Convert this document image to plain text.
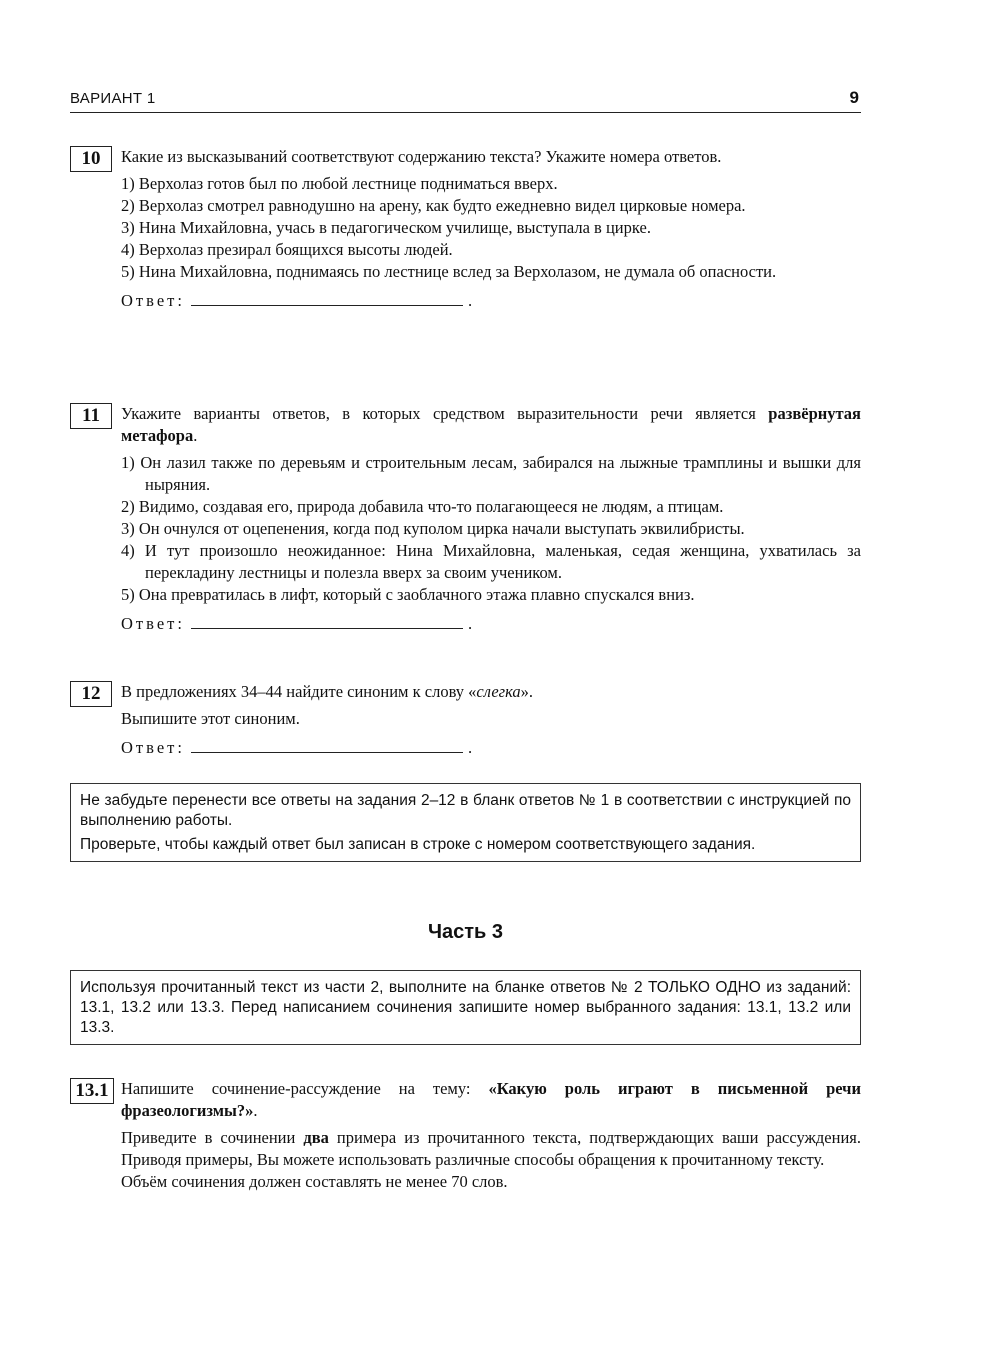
ВАРИАНТ 1	9
10	Какие из высказываний соответствуют содержанию текста? Укажите номера ответов.

1) Верхолаз готов был по любой лестнице подниматься вверх.
2) Верхолаз смотрел равнодушно на арену, как будто ежедневно видел цирковые номера.
3) Нина Михайловна, учась в педагогическом училище, выступала в цирке.
4) Верхолаз презирал боящихся высоты людей.
5) Нина Михайловна, поднимаясь по лестнице вслед за Верхолазом, не думала об опасности.
Ответ:	.
11	Укажите варианты ответов, в которых средством выразительности речи является развёрнутая метафора.

1) Он лазил также по деревьям и строительным лесам, забирался на лыжные трамплины и вышки для ныряния.
2) Видимо, создавая его, природа добавила что-то полагающееся не людям, а птицам.
3) Он очнулся от оцепенения, когда под куполом цирка начали выступать эквилибристы.
4) И тут произошло неожиданное: Нина Михайловна, маленькая, седая женщина, ухватилась за перекладину лестницы и полезла вверх за своим учеником.
5) Она превратилась в лифт, который с заоблачного этажа плавно спускался вниз.
Ответ:	.
12	В предложениях 34–44 найдите синоним к слову «слегка».

Выпишите этот синоним.

Ответ:	.

Не забудьте перенести все ответы на задания 2–12 в бланк ответов № 1 в соответствии с инструкцией по выполнению работы.

Проверьте, чтобы каждый ответ был записан в строке с номером соответствующего задания.

Часть 3

Используя прочитанный текст из части 2, выполните на бланке ответов № 2 ТОЛЬКО ОДНО из заданий: 13.1, 13.2 или 13.3. Перед написанием сочинения запишите номер выбранного задания: 13.1, 13.2 или 13.3.

13.1 Напишите сочинение-рассуждение на тему: «Какую роль играют в письменной речи фразеологизмы?».

Приведите в сочинении два примера из прочитанного текста, подтверждающих ваши рассуждения. Приводя примеры, Вы можете использовать различные способы обращения к прочитанному тексту.

Объём сочинения должен составлять не менее 70 слов.
